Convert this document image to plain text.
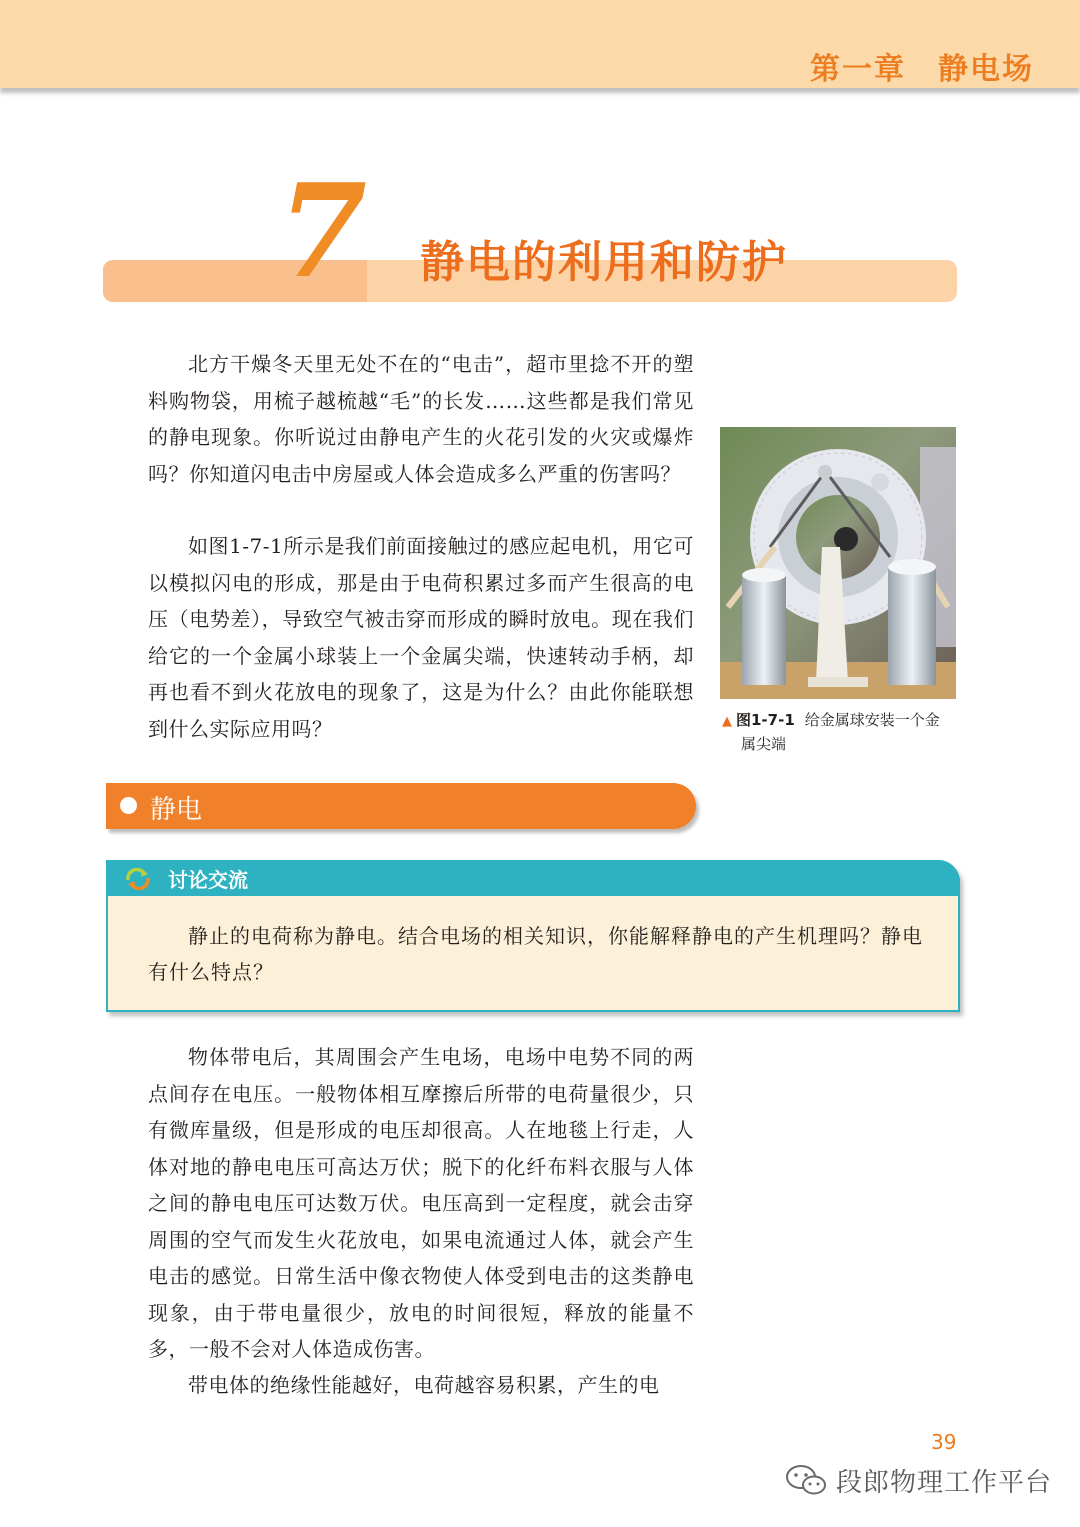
第一章　静电场
7 静电的利用和防护

北方干燥冬天里无处不在的“电击”，超市里捻不开的塑料购物袋，用梳子越梳越“毛”的长发……这些都是我们常见的静电现象。你听说过由静电产生的火花引发的火灾或爆炸吗？你知道闪电击中房屋或人体会造成多么严重的伤害吗？

如图1-7-1所示是我们前面接触过的感应起电机，用它可以模拟闪电的形成，那是由于电荷积累过多而产生很高的电压（电势差），导致空气被击穿而形成的瞬时放电。现在我们给它的一个金属小球装上一个金属尖端，快速转动手柄，却再也看不到火花放电的现象了，这是为什么？由此你能联想到什么实际应用吗？	▲ 图1-7-1 给金属球安装一个金
属尖端
静电
讨论交流

静止的电荷称为静电。结合电场的相关知识，你能解释静电的产生机理吗？静电有什么特点？

物体带电后，其周围会产生电场，电场中电势不同的两点间存在电压。一般物体相互摩擦后所带的电荷量很少，只有微库量级，但是形成的电压却很高。人在地毯上行走，人体对地的静电电压可高达万伏；脱下的化纤布料衣服与人体之间的静电电压可达数万伏。电压高到一定程度，就会击穿周围的空气而发生火花放电，如果电流通过人体，就会产生电击的感觉。日常生活中像衣物使人体受到电击的这类静电现象，由于带电量很少，放电的时间很短，释放的能量不多，一般不会对人体造成伤害。

带电体的绝缘性能越好，电荷越容易积累，产生的电

39
段郎物理工作平台
